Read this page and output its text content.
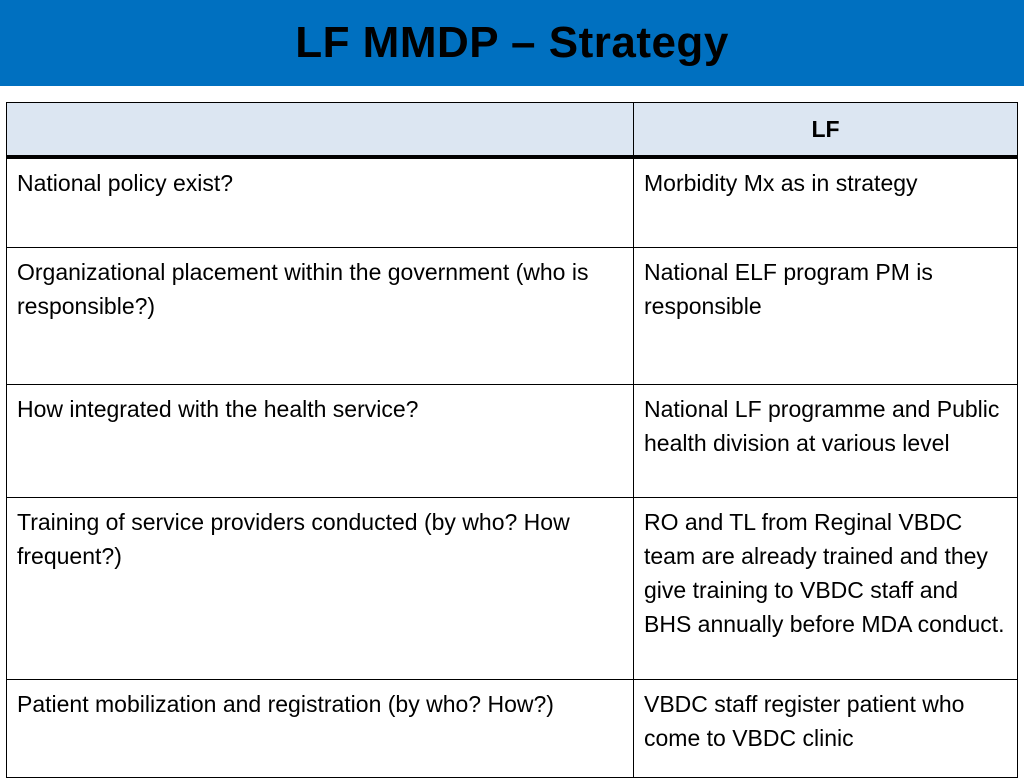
LF MMDP – Strategy
	LF
National policy exist?	Morbidity Mx as in strategy
Organizational placement within the government (who is responsible?)	National ELF program PM is responsible
How integrated with the health service?	National LF programme and Public health division at various level
Training of service providers conducted (by who? How frequent?)	RO and TL from Reginal VBDC team are already trained and they give training to VBDC staff and BHS annually before MDA conduct.
Patient mobilization and registration (by who? How?)	VBDC staff register patient who come to VBDC clinic
